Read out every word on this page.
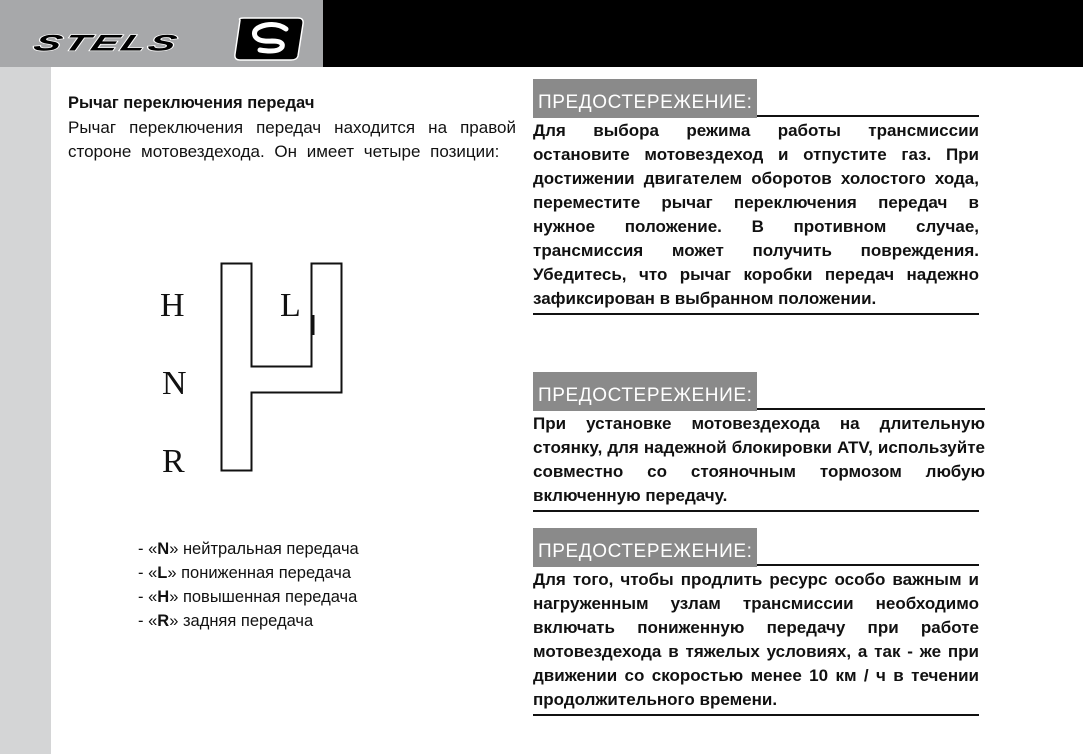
STELS
Рычаг переключения передач
Рычаг переключения передач находится на правой стороне мотовездехода. Он имеет четыре позиции:
H
N
R
L
- «N» нейтральная передача
- «L» пониженная передача
- «H» повышенная передача
- «R» задняя передача
ПРЕДОСТЕРЕЖЕНИЕ:
Для выбора режима работы трансмиссии остановите мотовездеход и отпустите газ. При достижении двигателем оборотов холостого хода, переместите рычаг переключения передач в нужное положение. В противном случае, трансмиссия может получить повреждения. Убедитесь, что рычаг коробки передач надежно зафиксирован в выбранном положении.
ПРЕДОСТЕРЕЖЕНИЕ:
При установке мотовездехода на длительную стоянку, для надежной блокировки ATV, используйте совместно со стояночным тормозом любую включенную передачу.
ПРЕДОСТЕРЕЖЕНИЕ:
Для того, чтобы продлить ресурс особо важным и нагруженным узлам трансмиссии необходимо включать пониженную передачу при работе мотовездехода в тяжелых условиях, а так - же при движении со скоростью менее 10 км / ч в течении продолжительного времени.
